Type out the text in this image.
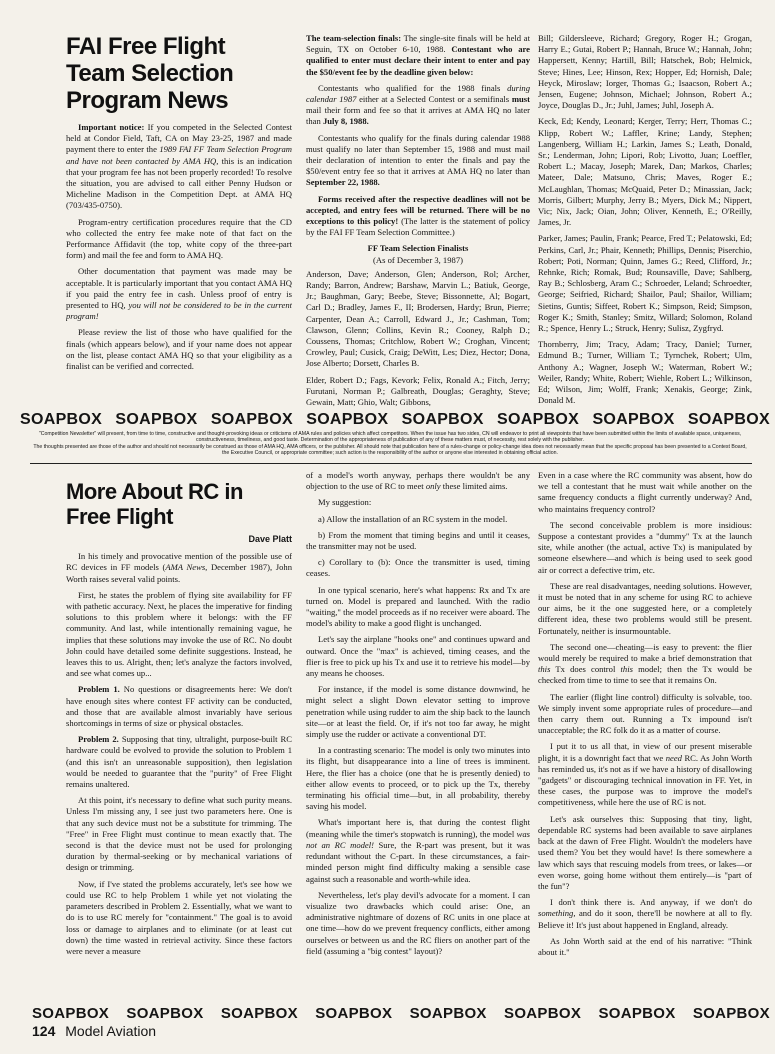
FAI Free Flight
Team Selection
Program News

Important notice: If you competed in the Selected Contest held at Condor Field, Taft, CA on May 23-25, 1987 and made payment there to enter the 1989 FAI FF Team Selection Program and have not been contacted by AMA HQ, this is an indication that your program fee has not been properly recorded! To resolve the situation, you are advised to call either Penny Hudson or Micheline Madison in the Competition Dept. at AMA HQ (703/435-0750).

Program-entry certification procedures require that the CD who collected the entry fee make note of that fact on the Performance Affidavit (the top, white copy of the three-part form) and mail the fee and form to AMA HQ.

Other documentation that payment was made may be acceptable. It is particularly important that you contact AMA HQ if you paid the entry fee in cash. Unless proof of entry is presented to HQ, you will not be considered to be in the current program!

Please review the list of those who have qualified for the finals (which appears below), and if your name does not appear on the list, please contact AMA HQ so that your eligibility as a finalist can be verified and corrected.

The team-selection finals: The single-site finals will be held at Seguin, TX on October 6-10, 1988. Contestant who are qualified to enter must declare their intent to enter and pay the $50/event fee by the deadline given below:

Contestants who qualified for the 1988 finals during calendar 1987 either at a Selected Contest or a semifinals must mail their form and fee so that it arrives at AMA HQ no later than July 8, 1988.

Contestants who qualify for the finals during calendar 1988 must qualify no later than September 15, 1988 and must mail their declaration of intention to enter the finals and pay the $50/event entry fee so that it arrives at AMA HQ no later than September 22, 1988.

Forms received after the respective deadlines will not be accepted, and entry fees will be returned. There will be no exceptions to this policy! (The latter is the statement of policy by the FAI FF Team Selection Committee.)

FF Team Selection Finalists
(As of December 3, 1987)

Anderson, Dave; Anderson, Glen; Anderson, Rol; Archer, Randy; Barron, Andrew; Barshaw, Marvin L.; Batiuk, George, Jr.; Baughman, Gary; Beebe, Steve; Bissonnette, Al; Bogart, Carl D.; Bradley, James F., II; Brodersen, Hardy; Brun, Pierre; Carpenter, Dean A.; Carroll, Edward J., Jr.; Cashman, Tom; Clawson, Glenn; Collins, Kevin R.; Cooney, Ralph D.; Coussens, Thomas; Critchlow, Robert W.; Croghan, Vincent; Crowley, Paul; Cusick, Craig; DeWitt, Les; Diez, Hector; Dona, Jose Alberto; Dorsett, Charles B.

Elder, Robert D.; Fags, Kevork; Felix, Ronald A.; Fitch, Jerry; Furutani, Norman P.; Galbreath, Douglas; Geraghty, Steve; Gewain, Matt; Ghio, Walt; Gibbons,

Bill; Gildersleeve, Richard; Gregory, Roger H.; Grogan, Harry E.; Gutai, Robert P.; Hannah, Bruce W.; Hannah, John; Happersett, Kenny; Hartill, Bill; Hatschek, Bob; Helmick, Steve; Hines, Lee; Hinson, Rex; Hopper, Ed; Hornish, Dale; Heyck, Miroslaw; Iorger, Thomas G.; Isaacson, Robert A.; Jensen, Eugene; Johnson, Michael; Johnson, Robert A.; Joyce, Douglas D., Jr.; Juhl, James; Juhl, Joseph A.

Keck, Ed; Kendy, Leonard; Kerger, Terry; Herr, Thomas C.; Klipp, Robert W.; Laffler, Krine; Landy, Stephen; Langenberg, William H.; Larkin, James S.; Leath, Donald, Sr.; Lenderman, John; Lipori, Rob; Livotto, Juan; Loeffler, Robert L.; Macay, Joseph; Marek, Dan; Markos, Charles; Mateer, Dale; Matsuno, Chris; Maves, Roger E.; McLaughlan, Thomas; McQuaid, Peter D.; Minassian, Jack; Morris, Gilbert; Murphy, Jerry B.; Myers, Dick M.; Nippert, Vic; Nix, Jack; Oian, John; Oliver, Kenneth, E.; O'Reilly, James, Jr.

Parker, James; Paulin, Frank; Pearce, Fred T.; Pelatowski, Ed; Perkins, Carl, Jr.; Phair, Kenneth; Phillips, Dennis; Piserchio, Robert; Poti, Norman; Quinn, James G.; Reed, Clifford, Jr.; Rehnke, Rich; Romak, Bud; Rounsaville, Dave; Sahlberg, Ray B.; Schlosberg, Aram C.; Schroeder, Leland; Schroedter, George; Seifried, Richard; Shailor, Paul; Shailor, William; Sietins, Guntis; Siffeet, Robert K.; Simpson, Reid; Simpson, Roger K.; Smith, Stanley; Smitz, Willard; Solomon, Roland R.; Spence, Henry L.; Struck, Henry; Sulisz, Zygfryd.

Thornberry, Jim; Tracy, Adam; Tracy, Daniel; Turner, Edmund B.; Turner, William T.; Tyrnchek, Robert; Ulm, Anthony A.; Wagner, Joseph W.; Waterman, Robert W.; Weiler, Randy; White, Robert; Wiehle, Robert L.; Wilkinson, Ed; Wilson, Jim; Wolff, Frank; Xenakis, George; Zink, Donald M.

SOAPBOX SOAPBOX SOAPBOX SOAPBOX SOAPBOX SOAPBOX SOAPBOX SOAPBOX
"Competition Newsletter" will present, from time to time, constructive and thought-provoking ideas or criticisms of AMA rules and policies which affect competitors. When the issue has two sides, CN will endeavor to print all viewpoints that have been submitted within the limits of available space, uniqueness, constructiveness, timeliness, and good taste. Determination of the appropriateness of publication of any of these matters must, of necessity, rest solely with the publisher.
The thoughts presented are those of the author and should not necessarily be construed as those of AMA HQ, AMA officers, or the publisher. All should note that publication here of a rules-change or policy-change idea does not necessarily mean that the specific proposal has been presented to a Contest Board, the Executive Council, or appropriate committee; such action is the responsibility of the author or anyone else interested in obtaining official action.
More About RC in
Free Flight
Dave Platt

In his timely and provocative mention of the possible use of RC devices in FF models (AMA News, December 1987), John Worth raises several valid points.

First, he states the problem of flying site availability for FF with pathetic accuracy. Next, he places the imperative for finding solutions to this problem where it belongs: with the FF community. And last, while intentionally remaining vague, he implies that these solutions may invoke the use of RC. No doubt John could have detailed some definite suggestions. Instead, he leaves this to us. Alright, then; let's analyze the factors involved, and see what comes up...

Problem 1. No questions or disagreements here: We don't have enough sites where contest FF activity can be conducted, and those that are available almost invariably have serious shortcomings in terms of size or physical obstacles.

Problem 2. Supposing that tiny, ultralight, purpose-built RC hardware could be evolved to provide the solution to Problem 1 (and this isn't an unreasonable supposition), then legislation would be needed to guarantee that the "purity" of Free Flight remains unaltered.

At this point, it's necessary to define what such purity means. Unless I'm missing any, I see just two parameters here. One is that any such device must not be a substitute for trimming. The "Free" in Free Flight must continue to mean exactly that. The second is that the device must not be used for prolonging duration by thermal-seeking or by mechanical variations of design or trimming.

Now, if I've stated the problems accurately, let's see how we could use RC to help Problem 1 while yet not violating the parameters described in Problem 2. Essentially, what we want to do is to use RC merely for "containment." The goal is to avoid loss or damage to airplanes and to eliminate (or at least cut down) the time wasted in retrieval activity. Since these factors were never a measure

of a model's worth anyway, perhaps there wouldn't be any objection to the use of RC to meet only these limited aims.

My suggestion:

a) Allow the installation of an RC system in the model.

b) From the moment that timing begins and until it ceases, the transmitter may not be used.

c) Corollary to (b): Once the transmitter is used, timing ceases.

In one typical scenario, here's what happens: Rx and Tx are turned on. Model is prepared and launched. With the radio "waiting," the model proceeds as if no receiver were aboard. The model's ability to make a good flight is unchanged.

Let's say the airplane "hooks one" and continues upward and outward. Once the "max" is achieved, timing ceases, and the flier is free to pick up his Tx and use it to retrieve his model—by any means he chooses.

For instance, if the model is some distance downwind, he might select a slight Down elevator setting to improve penetration while using rudder to aim the ship back to the launch site—or at least the field. Or, if it's not too far away, he might simply use the rudder or activate a conventional DT.

In a contrasting scenario: The model is only two minutes into its flight, but disappearance into a line of trees is imminent. Here, the flier has a choice (one that he is presently denied) to either allow events to proceed, or to pick up the Tx, thereby terminating his official time—but, in all probability, thereby saving his model.

What's important here is, that during the contest flight (meaning while the timer's stopwatch is running), the model was not an RC model! Sure, the R-part was present, but it was redundant without the C-part. In these circumstances, a fair-minded person might find difficulty making a sensible case against such a reasonable and worth-while idea.

Nevertheless, let's play devil's advocate for a moment. I can visualize two drawbacks which could arise: One, an administrative nightmare of dozens of RC units in one place at one time—how do we prevent frequency conflicts, either among ourselves or between us and the RC fliers on another part of the field (assuming a "big contest" layout)?

Even in a case where the RC community was absent, how do we tell a contestant that he must wait while another on the same frequency conducts a flight currently underway? And, who maintains frequency control?

The second conceivable problem is more insidious: Suppose a contestant provides a "dummy" Tx at the launch site, while another (the actual, active Tx) is manipulated by someone elsewhere—and which is being used to seek good air or correct a defective trim, etc.

These are real disadvantages, needing solutions. However, it must be noted that in any scheme for using RC to achieve our aims, be it the one suggested here, or a completely different idea, these two problems would still be present. Fortunately, neither is insurmountable.

The second one—cheating—is easy to prevent: the flier would merely be required to make a brief demonstration that this Tx does control this model; then the Tx would be checked from time to time to see that it remains On.

The earlier (flight line control) difficulty is solvable, too. We simply invent some appropriate rules of procedure—and then carry them out. Running a Tx impound isn't unacceptable; the RC folk do it as a matter of course.

I put it to us all that, in view of our present miserable plight, it is a downright fact that we need RC. As John Worth has reminded us, it's not as if we have a history of disallowing "gadgets" or discouraging technical innovation in FF. Yet, in these cases, the purpose was to improve the model's competitiveness, while here the use of RC is not.

Let's ask ourselves this: Supposing that tiny, light, dependable RC systems had been available to save airplanes back at the dawn of Free Flight. Wouldn't the modelers have used them? You bet they would have! Is there somewhere a law which says that rescuing models from trees, or lakes—or even worse, going home without them entirely—is "part of the fun"?

I don't think there is. And anyway, if we don't do something, and do it soon, there'll be nowhere at all to fly. Believe it! It's just about happened in England, already.

As John Worth said at the end of his narrative: "Think about it."

SOAPBOX SOAPBOX SOAPBOX SOAPBOX SOAPBOX SOAPBOX SOAPBOX SOAPBOX
124 Model Aviation
